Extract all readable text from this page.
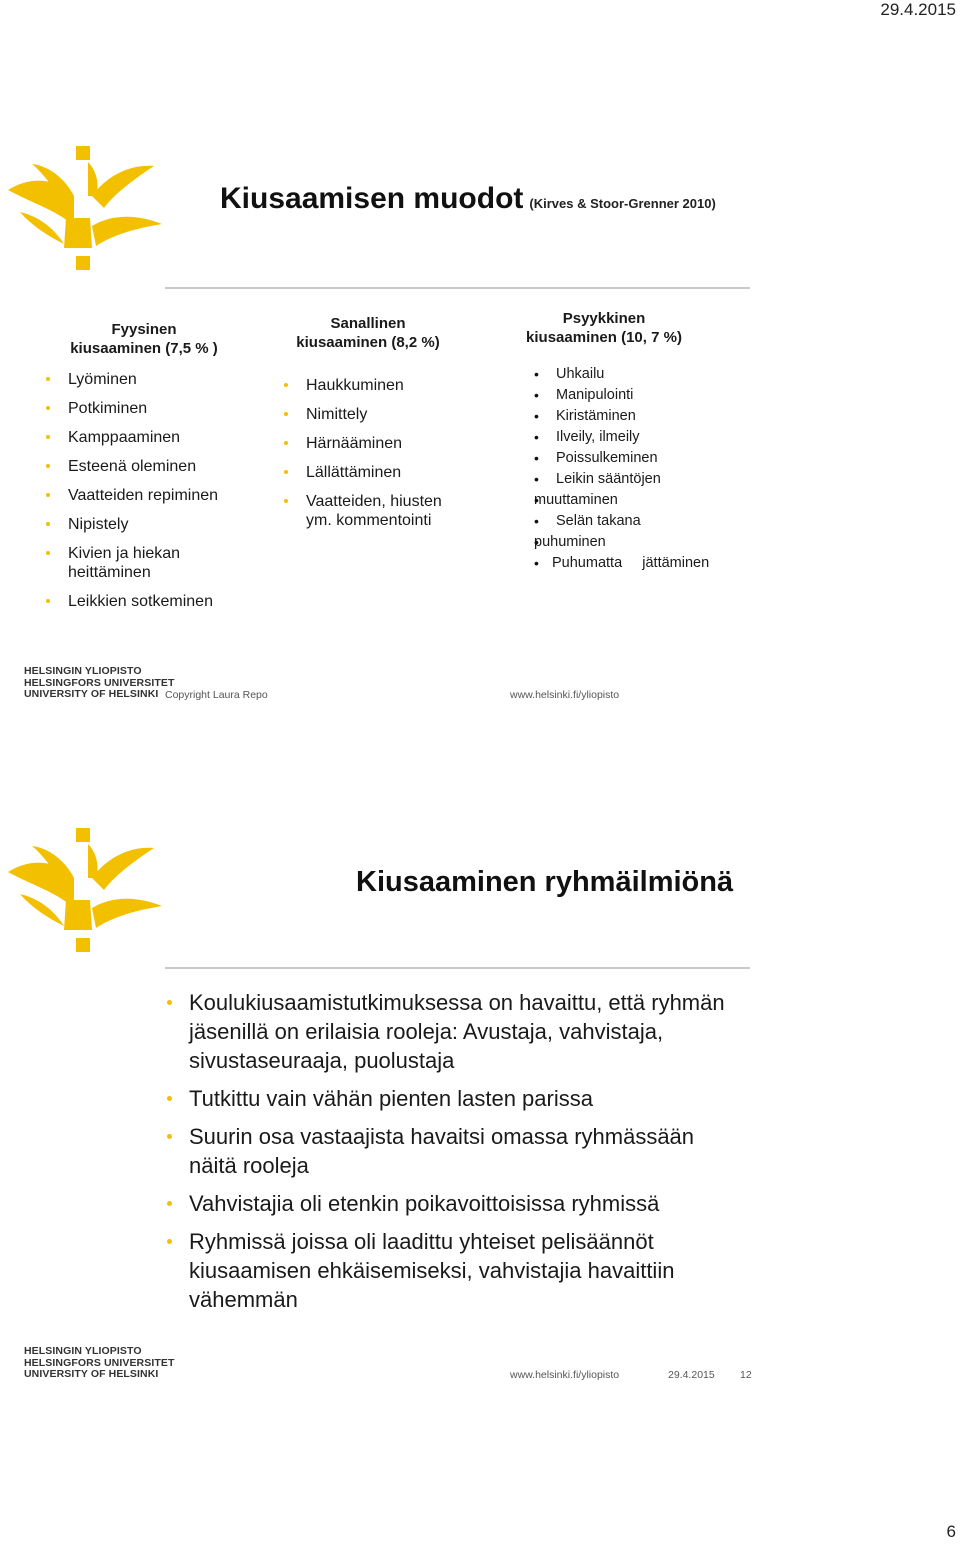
29.4.2015
Kiusaamisen muodot (Kirves & Stoor-Grenner 2010)
Fyysinen
kiusaaminen (7,5 % )
Lyöminen
Potkiminen
Kamppaaminen
Esteenä oleminen
Vaatteiden repiminen
Nipistely
Kivien ja hiekan heittäminen
Leikkien sotkeminen
Sanallinen
kiusaaminen (8,2 %)
Haukkuminen
Nimittely
Härnääminen
Lällättäminen
Vaatteiden, hiusten ym. kommentointi
Psyykkinen
kiusaaminen (10, 7 %)
• Uhkailu
• Manipulointi
• Kiristäminen
• Ilveily, ilmeily
• Poissulkeminen
• Leikin sääntöjen
• muuttaminen
• Selän takana
• puhuminen
• Puhumatta     jättäminen
HELSINGIN YLIOPISTO
HELSINGFORS UNIVERSITET
UNIVERSITY OF HELSINKI Copyright Laura Repo	www.helsinki.fi/yliopisto
Kiusaaminen ryhmäilmiönä
Koulukiusaamistutkimuksessa on havaittu, että ryhmän jäsenillä on erilaisia rooleja: Avustaja, vahvistaja, sivustaseuraaja, puolustaja
Tutkittu vain vähän pienten lasten parissa
Suurin osa vastaajista havaitsi omassa ryhmässään näitä rooleja
Vahvistajia oli etenkin poikavoittoisissa ryhmissä
Ryhmissä joissa oli laadittu yhteiset pelisäännöt kiusaamisen ehkäisemiseksi, vahvistajia havaittiin vähemmän
HELSINGIN YLIOPISTO
HELSINGFORS UNIVERSITET
UNIVERSITY OF HELSINKI	www.helsinki.fi/yliopisto	29.4.2015 12
6
